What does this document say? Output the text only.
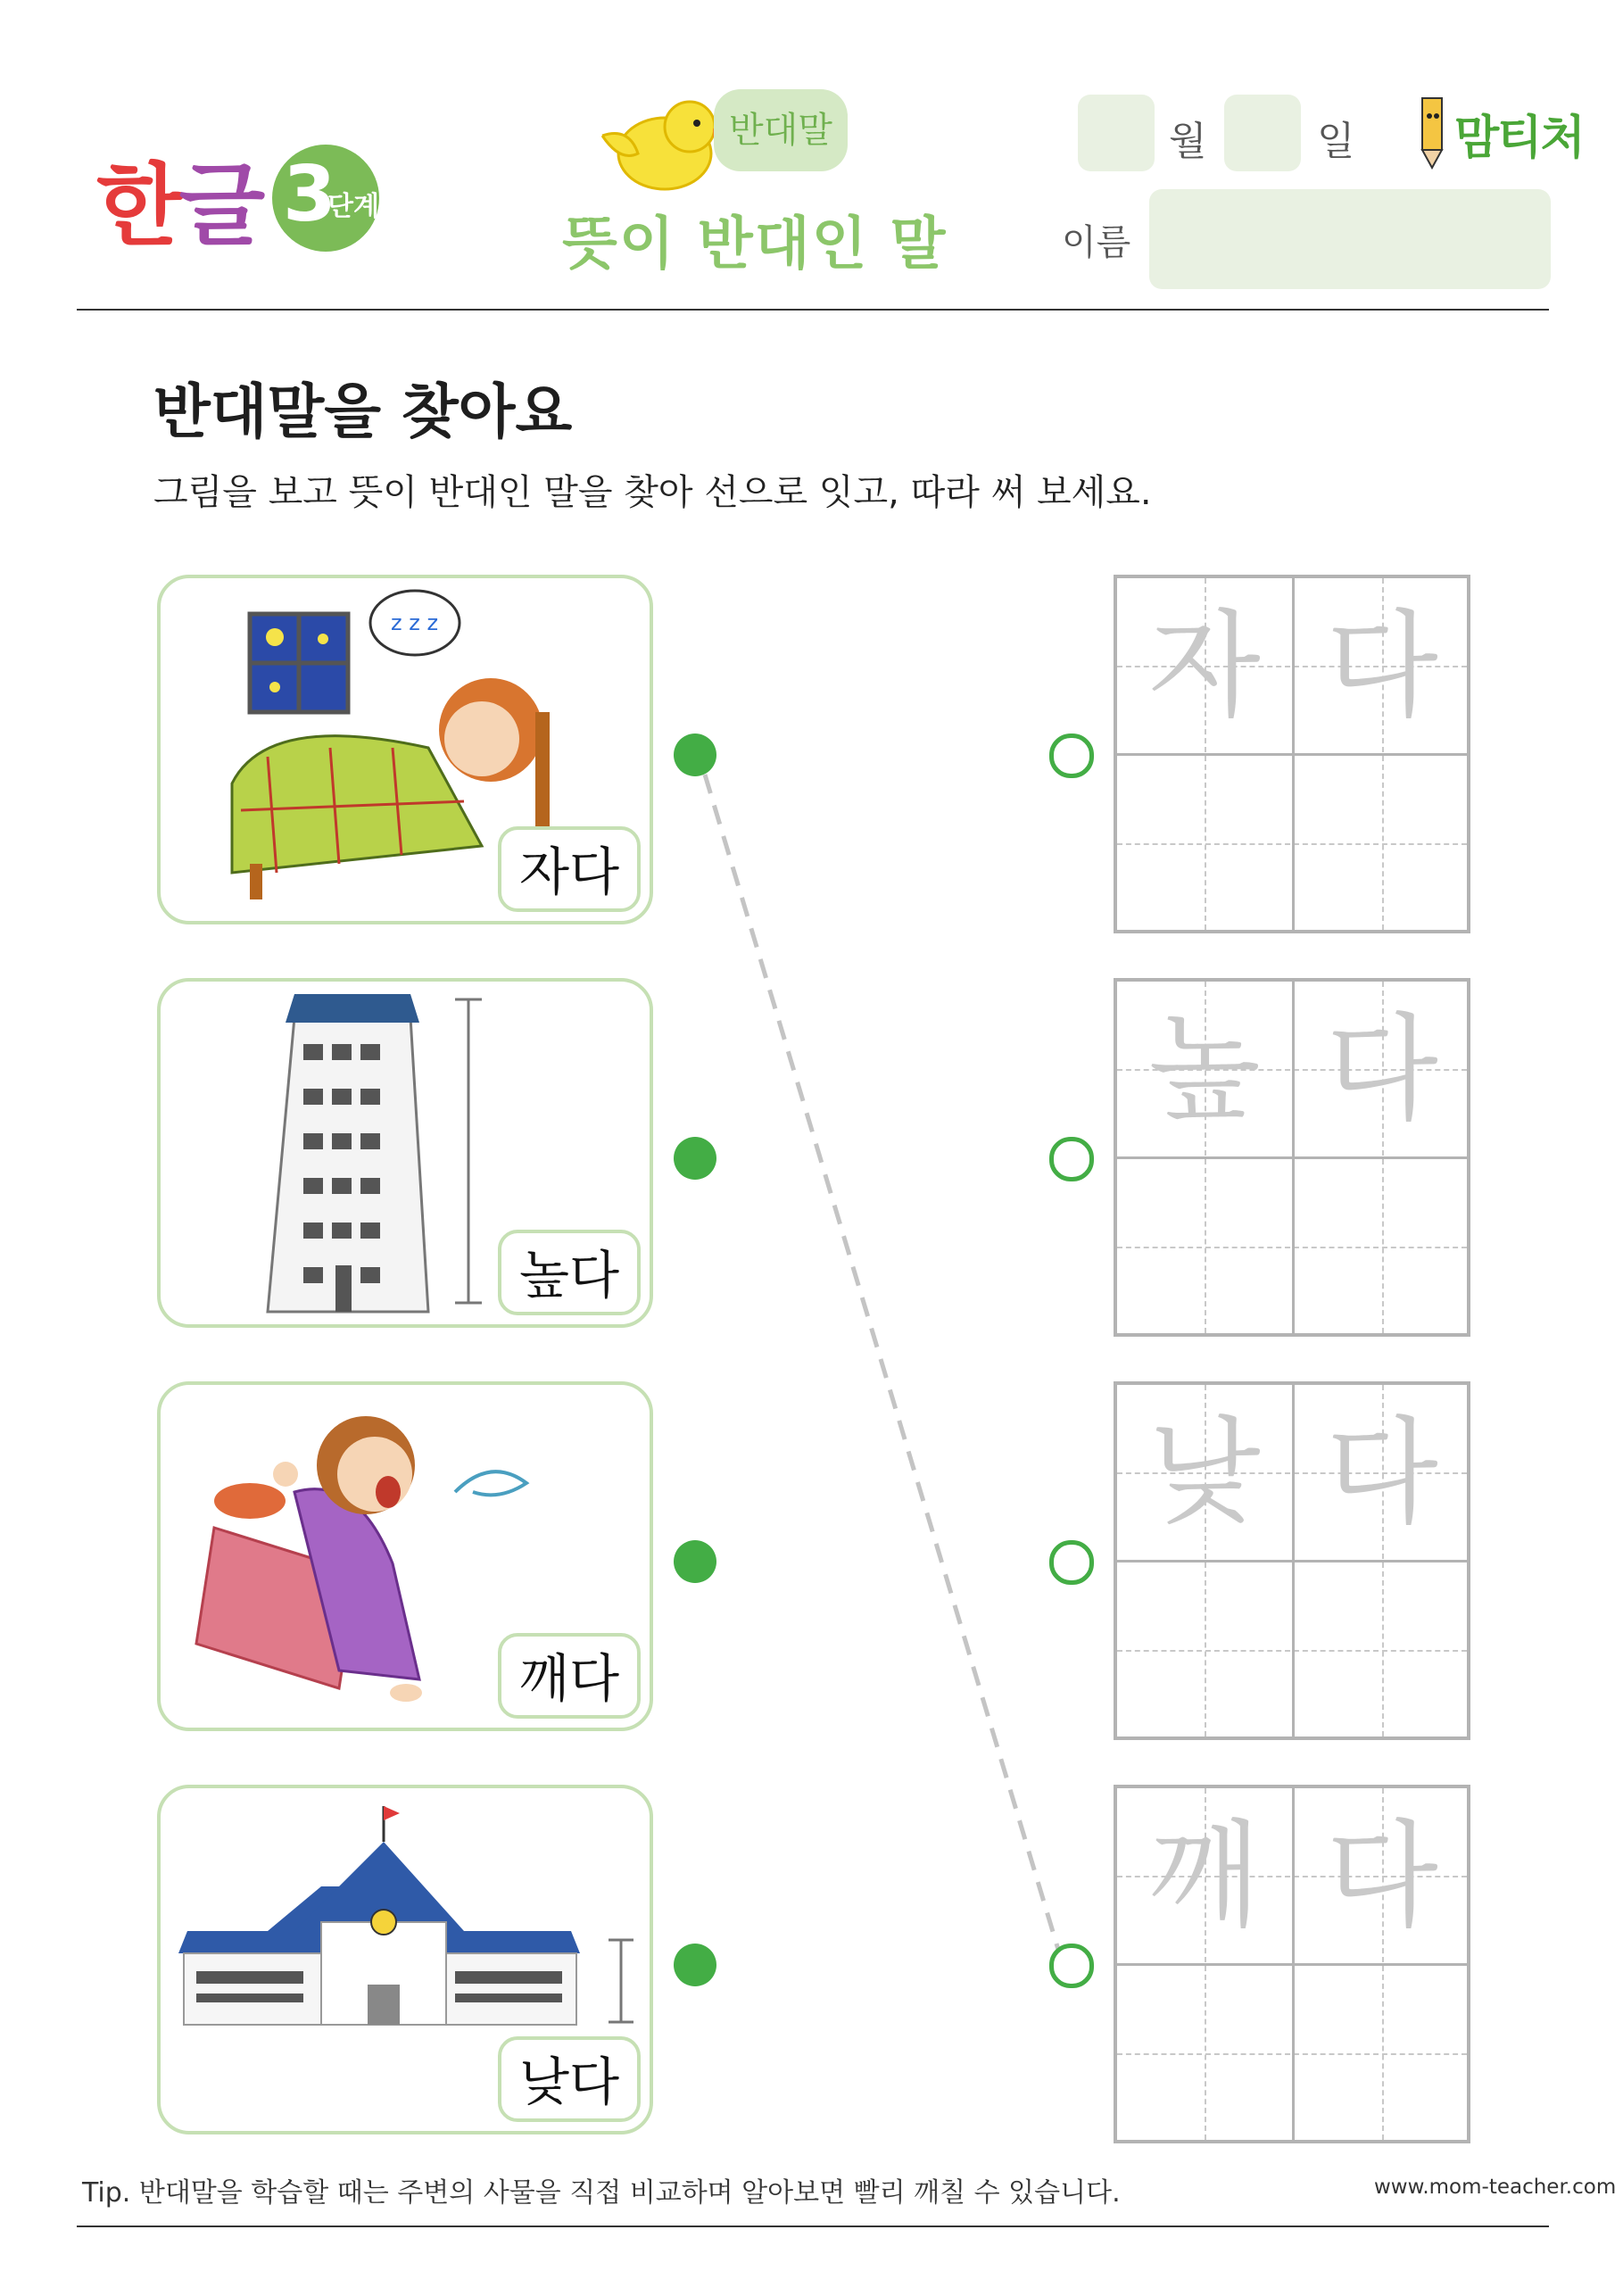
한글 3
단계
반대말
뜻이 반대인 말
월	일
이름
맘티처
반대말을 찾아요
그림을 보고 뜻이 반대인 말을 찾아 선으로 잇고, 따라 써 보세요.
z z z
자다
높다
깨다
낮다
자 다
높 다
낮 다
깨 다
Tip. 반대말을 학습할 때는 주변의 사물을 직접 비교하며 알아보면 빨리 깨칠 수 있습니다.	www.mom-teacher.com
